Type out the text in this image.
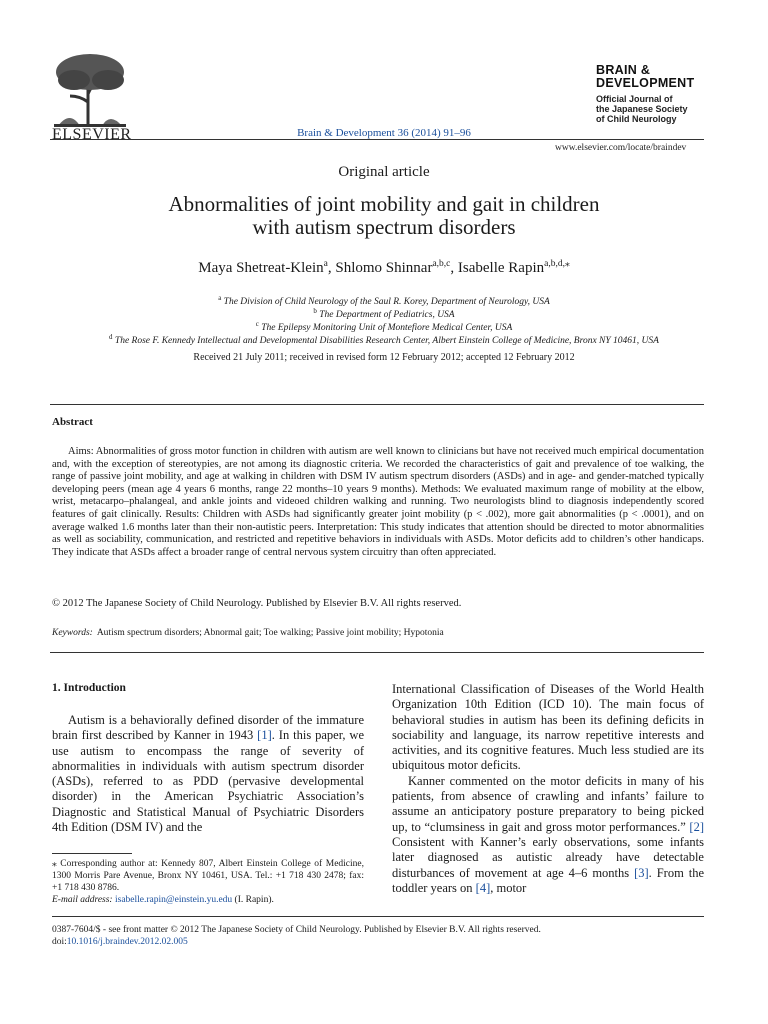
ELSEVIER	Brain & Development 36 (2014) 91–96
BRAIN &
DEVELOPMENT
Official Journal of
the Japanese Society
of Child Neurology
www.elsevier.com/locate/braindev
Original article
Abnormalities of joint mobility and gait in children
with autism spectrum disorders
Maya Shetreat-Klein$^a$, Shlomo Shinnar$^{a,b,c}$, Isabelle Rapin$^{a,b,d,⁎}$
$^a$ The Division of Child Neurology of the Saul R. Korey, Department of Neurology, USA
$^b$ The Department of Pediatrics, USA
$^c$ The Epilepsy Monitoring Unit of Montefiore Medical Center, USA
$^d$ The Rose F. Kennedy Intellectual and Developmental Disabilities Research Center, Albert Einstein College of Medicine, Bronx NY 10461, USA
Received 21 July 2011; received in revised form 12 February 2012; accepted 12 February 2012
Abstract
Aims: Abnormalities of gross motor function in children with autism are well known to clinicians but have not received much empirical documentation and, with the exception of stereotypies, are not among its diagnostic criteria. We recorded the characteristics of gait and prevalence of toe walking, the range of passive joint mobility, and age at walking in children with DSM IV autism spectrum disorders (ASDs) and in age- and gender-matched typically developing peers (mean age 4 years 6 months, range 22 months–10 years 9 months). Methods: We evaluated maximum range of mobility at the elbow, wrist, metacarpo–phalangeal, and ankle joints and videoed children walking and running. Two neurologists blind to diagnosis independently scored features of gait clinically. Results: Children with ASDs had significantly greater joint mobility (p < .002), more gait abnormalities (p < .0001), and on average walked 1.6 months later than their non-autistic peers. Interpretation: This study indicates that attention should be directed to motor abnormalities as well as sociability, communication, and restricted and repetitive behaviors in individuals with ASDs. Motor deficits add to children’s other handicaps. They indicate that ASDs affect a broader range of central nervous system circuitry than often appreciated.
© 2012 The Japanese Society of Child Neurology. Published by Elsevier B.V. All rights reserved.
Keywords: Autism spectrum disorders; Abnormal gait; Toe walking; Passive joint mobility; Hypotonia
1. Introduction

Autism is a behaviorally defined disorder of the immature brain first described by Kanner in 1943 [1]. In this paper, we use autism to encompass the range of severity of abnormalities in individuals with autism spectrum disorder (ASDs), referred to as PDD (pervasive developmental disorder) in the American Psychiatric Association’s Diagnostic and Statistical Manual of Psychiatric Disorders 4th Edition (DSM IV) and the

International Classification of Diseases of the World Health Organization 10th Edition (ICD 10). The main focus of behavioral studies in autism has been its defining deficits in sociability and language, its narrow repetitive interests and activities, and its cognitive features. Much less studied are its ubiquitous motor deficits.

Kanner commented on the motor deficits in many of his patients, from absence of crawling and infants’ failure to assume an anticipatory posture preparatory to being picked up, to “clumsiness in gait and gross motor performances.” [2] Consistent with Kanner’s early observations, some infants later diagnosed as autistic already have detectable disturbances of movement at age 4–6 months [3]. From the toddler years on [4], motor

⁎ Corresponding author at: Kennedy 807, Albert Einstein College of Medicine, 1300 Morris Pare Avenue, Bronx NY 10461, USA. Tel.: +1 718 430 2478; fax: +1 718 430 8786.
E-mail address: isabelle.rapin@einstein.yu.edu (I. Rapin).
0387-7604/$ - see front matter © 2012 The Japanese Society of Child Neurology. Published by Elsevier B.V. All rights reserved.
doi:10.1016/j.braindev.2012.02.005
